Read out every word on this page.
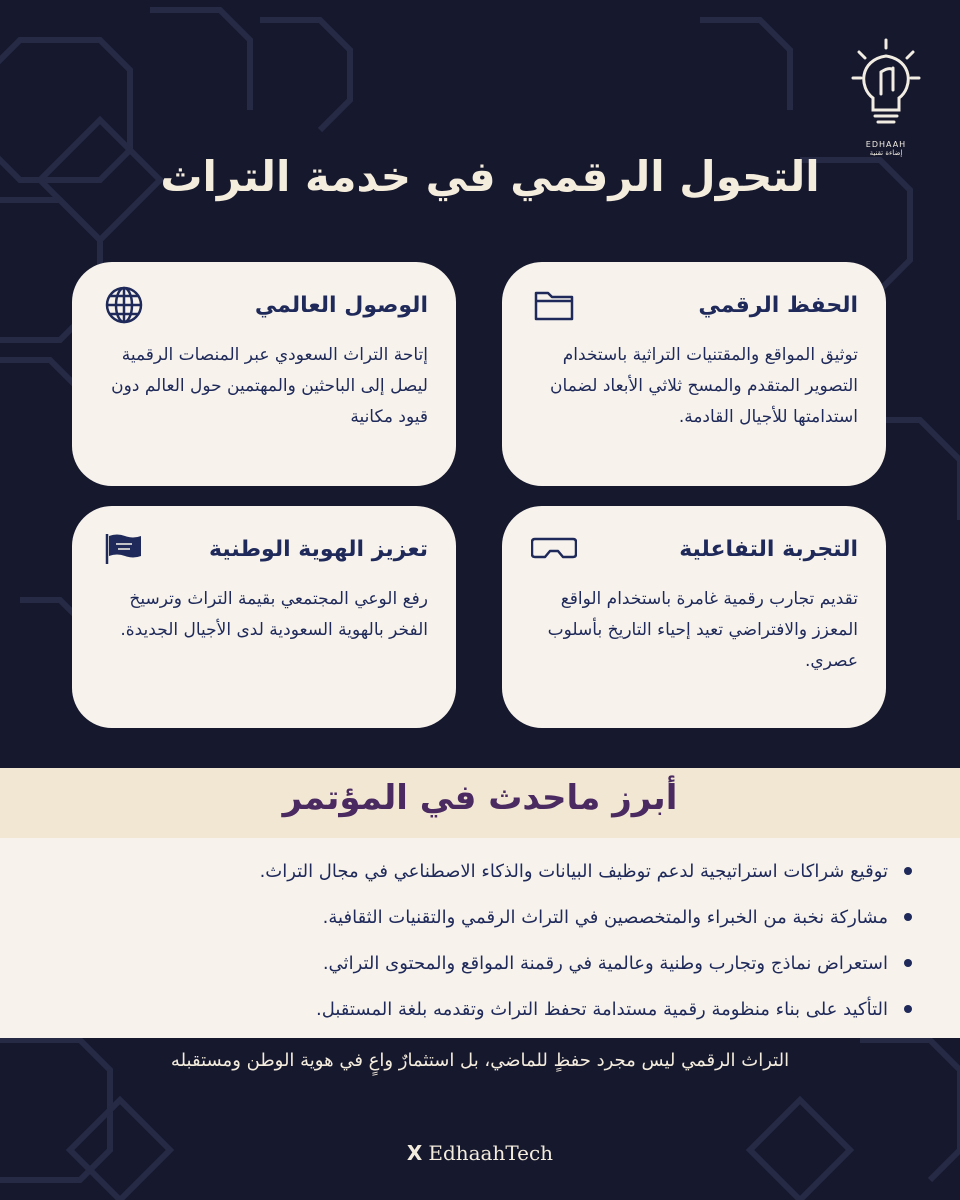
EDHAAH
إضاءة تقنية
التحول الرقمي في خدمة التراث
الحفظ الرقمي

توثيق المواقع والمقتنيات التراثية باستخدام التصوير المتقدم والمسح ثلاثي الأبعاد لضمان استدامتها للأجيال القادمة.

الوصول العالمي

إتاحة التراث السعودي عبر المنصات الرقمية ليصل إلى الباحثين والمهتمين حول العالم دون قيود مكانية

التجربة التفاعلية

تقديم تجارب رقمية غامرة باستخدام الواقع المعزز والافتراضي تعيد إحياء التاريخ بأسلوب عصري.

تعزيز الهوية الوطنية

رفع الوعي المجتمعي بقيمة التراث وترسيخ الفخر بالهوية السعودية لدى الأجيال الجديدة.

أبرز ماحدث في المؤتمر
توقيع شراكات استراتيجية لدعم توظيف البيانات والذكاء الاصطناعي في مجال التراث.
مشاركة نخبة من الخبراء والمتخصصين في التراث الرقمي والتقنيات الثقافية.
استعراض نماذج وتجارب وطنية وعالمية في رقمنة المواقع والمحتوى التراثي.
التأكيد على بناء منظومة رقمية مستدامة تحفظ التراث وتقدمه بلغة المستقبل.

التراث الرقمي ليس مجرد حفظٍ للماضي، بل استثمارٌ واعٍ في هوية الوطن ومستقبله

X EdhaahTech
